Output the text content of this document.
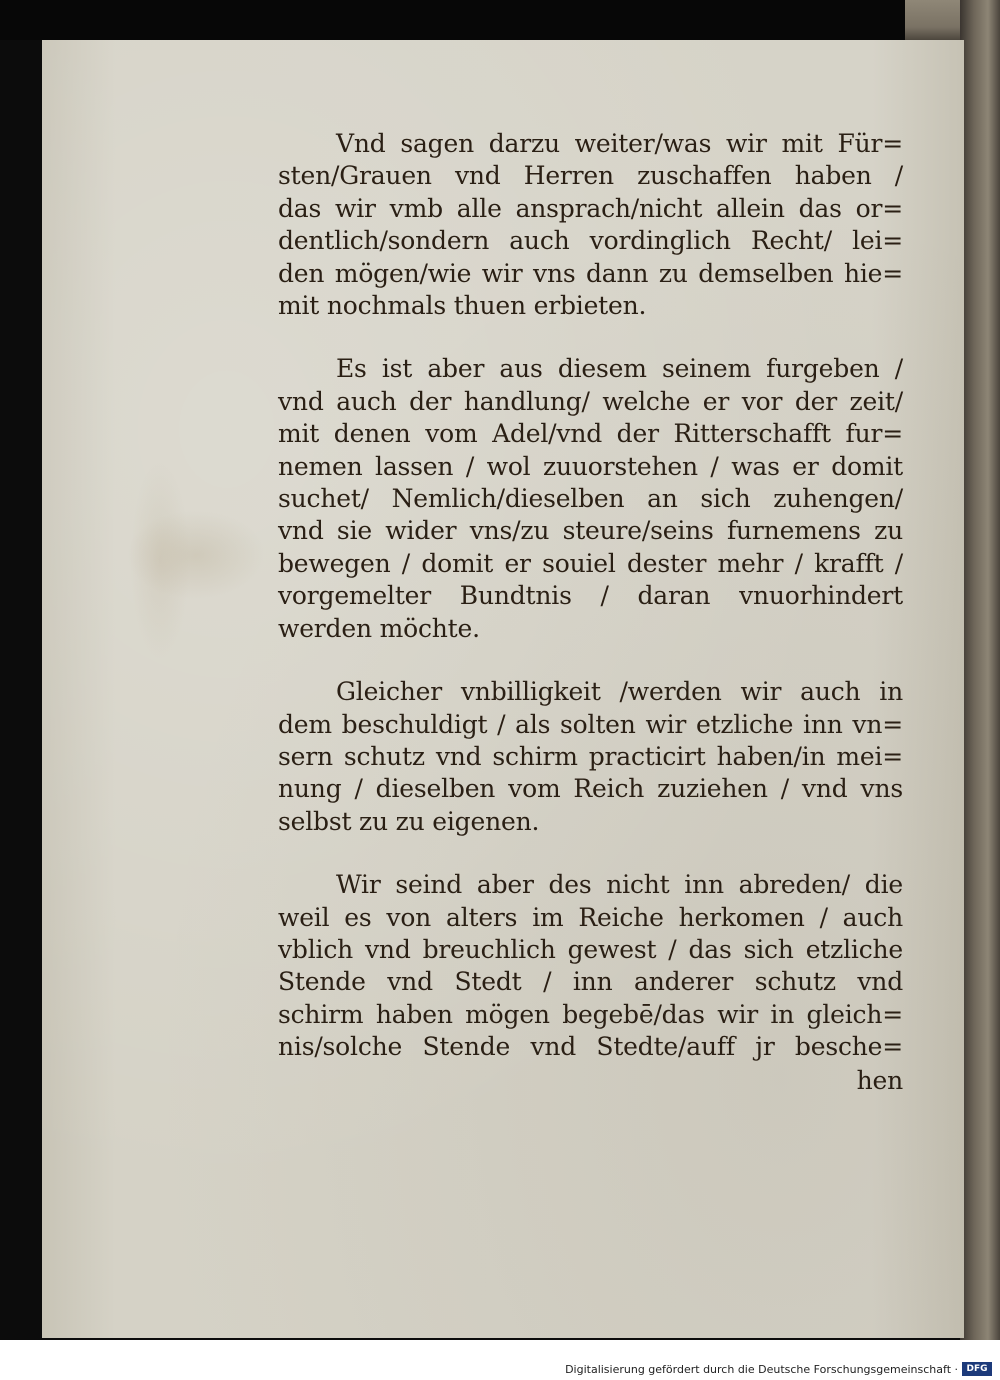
Vnd sagen darzu weiter/was wir mit Für=
sten/Grauen vnd Herren zuschaffen haben /
das wir vmb alle ansprach/nicht allein das or=
dentlich/sondern auch vordinglich Recht/ lei=
den mögen/wie wir vns dann zu demselben hie=
mit nochmals thuen erbieten.
Es ist aber aus diesem seinem furgeben /
vnd auch der handlung/ welche er vor der zeit/
mit denen vom Adel/vnd der Ritterschafft fur=
nemen lassen / wol zuuorstehen / was er domit
suchet/ Nemlich/dieselben an sich zuhengen/
vnd sie wider vns/zu steure/seins furnemens zu
bewegen / domit er souiel dester mehr / krafft /
vorgemelter Bundtnis / daran vnuorhindert
werden möchte.
Gleicher vnbilligkeit /werden wir auch in
dem beschuldigt / als solten wir etzliche inn vn=
sern schutz vnd schirm practicirt haben/in mei=
nung / dieselben vom Reich zuziehen / vnd vns
selbst zu zu eigenen.
Wir seind aber des nicht inn abreden/ die
weil es von alters im Reiche herkomen / auch
vblich vnd breuchlich gewest / das sich etzliche
Stende vnd Stedt / inn anderer schutz vnd
schirm haben mögen begebē/das wir in gleich=
nis/solche Stende vnd Stedte/auff jr besche=
hen
Digitalisierung gefördert durch die Deutsche Forschungsgemeinschaft · DFG
